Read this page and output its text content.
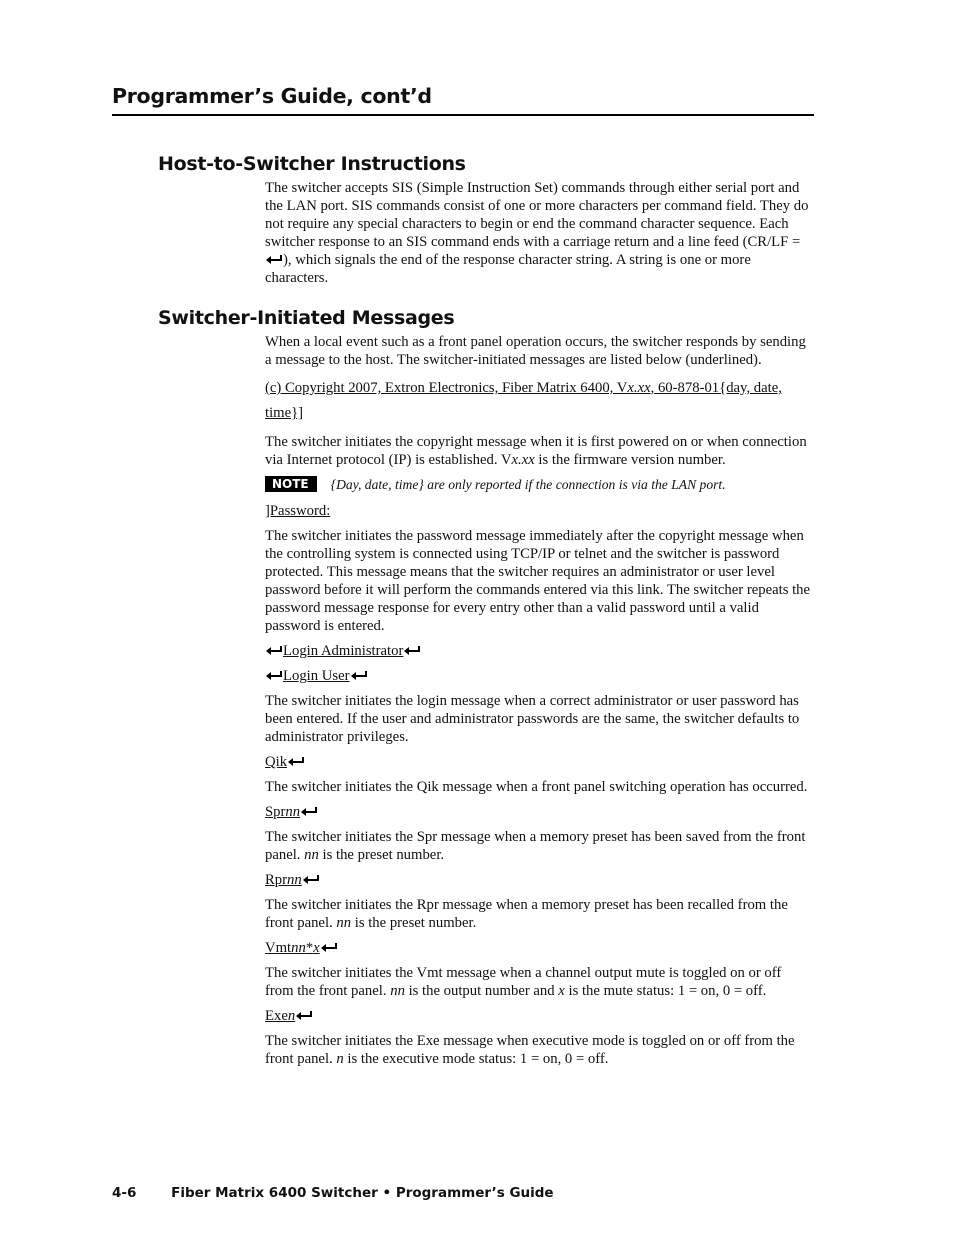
Programmer’s Guide, cont’d
Host-to-Switcher Instructions

The switcher accepts SIS (Simple Instruction Set) commands through either serial port and the LAN port. SIS commands consist of one or more characters per command field. They do not require any special characters to begin or end the command character sequence. Each switcher response to an SIS command ends with a carriage return and a line feed (CR/LF = ), which signals the end of the response character string. A string is one or more characters.

Switcher-Initiated Messages

When a local event such as a front panel operation occurs, the switcher responds by sending a message to the host. The switcher-initiated messages are listed below (underlined).

(c) Copyright 2007, Extron Electronics, Fiber Matrix 6400, Vx.xx, 60-878-01{day, date, time}]

The switcher initiates the copyright message when it is first powered on or when connection via Internet protocol (IP) is established. Vx.xx is the firmware version number.

NOTE	{Day, date, time} are only reported if the connection is via the LAN port.

]Password:

The switcher initiates the password message immediately after the copyright message when the controlling system is connected using TCP/IP or telnet and the switcher is password protected. This message means that the switcher requires an administrator or user level password before it will perform the commands entered via this link. The switcher repeats the password message response for every entry other than a valid password until a valid password is entered.

Login Administrator

Login User

The switcher initiates the login message when a correct administrator or user password has been entered. If the user and administrator passwords are the same, the switcher defaults to administrator privileges.

Qik

The switcher initiates the Qik message when a front panel switching operation has occurred.

Sprnn

The switcher initiates the Spr message when a memory preset has been saved from the front panel. nn is the preset number.

Rprnn

The switcher initiates the Rpr message when a memory preset has been recalled from the front panel. nn is the preset number.

Vmtnn*x

The switcher initiates the Vmt message when a channel output mute is toggled on or off from the front panel. nn is the output number and x is the mute status: 1 = on, 0 = off.

Exen

The switcher initiates the Exe message when executive mode is toggled on or off from the front panel. n is the executive mode status: 1 = on, 0 = off.

4-6	Fiber Matrix 6400 Switcher • Programmer’s Guide
